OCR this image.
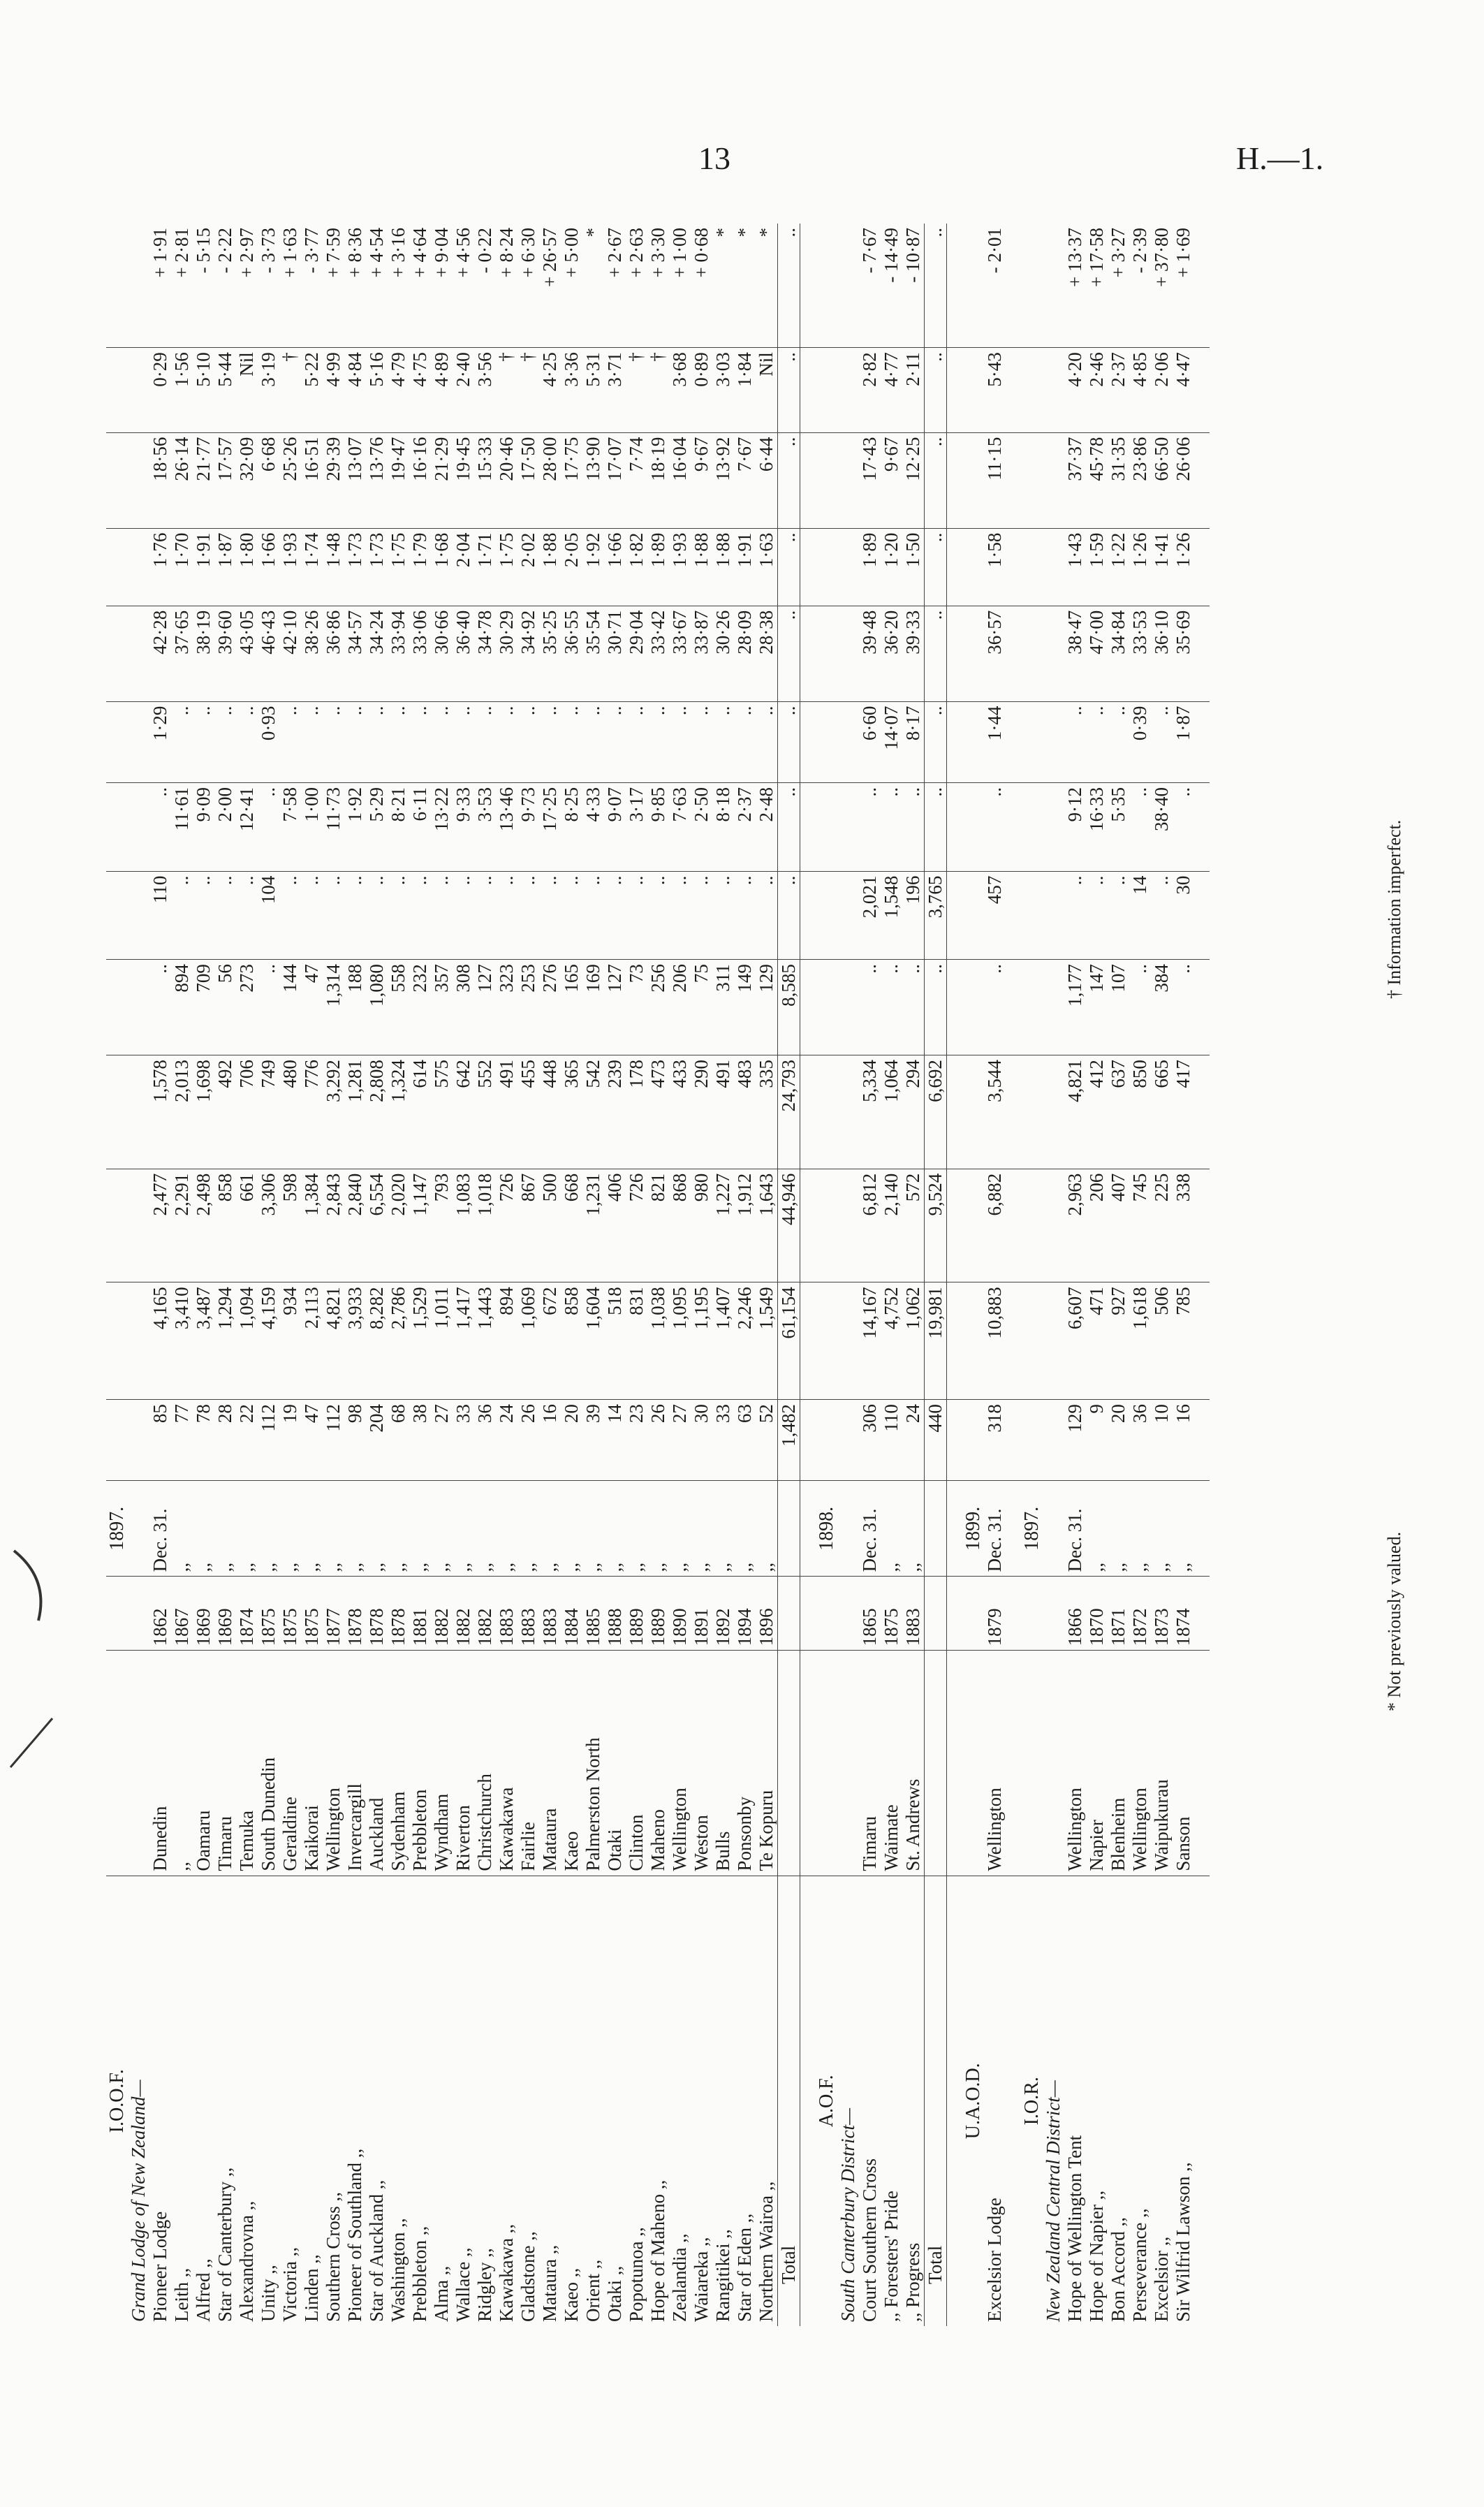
13	H.—1.
I.O.O.F.			1897.													
Grand Lodge of New Zealand—																
Pioneer Lodge	Dunedin	1862	Dec. 31.	85	4,165	2,477	1,578	..	110	..	1·29	42·28	1·76	18·56	0·29	+ 1·91
Leith ,,	,,	1867	,,	77	3,410	2,291	2,013	894	..	11·61	..	37·65	1·70	26·14	1·56	+ 2·81
Alfred ,,	Oamaru	1869	,,	78	3,487	2,498	1,698	709	..	9·09	..	38·19	1·91	21·77	5·10	- 5·15
Star of Canterbury ,,	Timaru	1869	,,	28	1,294	858	492	56	..	2·00	..	39·60	1·87	17·57	5·44	- 2·22
Alexandrovna ,,	Temuka	1874	,,	22	1,094	661	706	273	..	12·41	..	43·05	1·80	32·09	Nil	+ 2·97
Unity ,,	South Dunedin	1875	,,	112	4,159	3,306	749	..	104	..	0·93	46·43	1·66	6·68	3·19	- 3·73
Victoria ,,	Geraldine	1875	,,	19	934	598	480	144	..	7·58	..	42·10	1·93	25·26	†	+ 1·63
Linden ,,	Kaikorai	1875	,,	47	2,113	1,384	776	47	..	1·00	..	38·26	1·74	16·51	5·22	- 3·77
Southern Cross ,,	Wellington	1877	,,	112	4,821	2,843	3,292	1,314	..	11·73	..	36·86	1·48	29·39	4·99	+ 7·59
Pioneer of Southland ,,	Invercargill	1878	,,	98	3,933	2,840	1,281	188	..	1·92	..	34·57	1·73	13·07	4·84	+ 8·36
Star of Auckland ,,	Auckland	1878	,,	204	8,282	6,554	2,808	1,080	..	5·29	..	34·24	1·73	13·76	5·16	+ 4·54
Washington ,,	Sydenham	1878	,,	68	2,786	2,020	1,324	558	..	8·21	..	33·94	1·75	19·47	4·79	+ 3·16
Prebbleton ,,	Prebbleton	1881	,,	38	1,529	1,147	614	232	..	6·11	..	33·06	1·79	16·16	4·75	+ 4·64
Alma ,,	Wyndham	1882	,,	27	1,011	793	575	357	..	13·22	..	30·66	1·68	21·29	4·89	+ 9·04
Wallace ,,	Riverton	1882	,,	33	1,417	1,083	642	308	..	9·33	..	36·40	2·04	19·45	2·40	+ 4·56
Ridgley ,,	Christchurch	1882	,,	36	1,443	1,018	552	127	..	3·53	..	34·78	1·71	15·33	3·56	- 0·22
Kawakawa ,,	Kawakawa	1883	,,	24	894	726	491	323	..	13·46	..	30·29	1·75	20·46	†	+ 8·24
Gladstone ,,	Fairlie	1883	,,	26	1,069	867	455	253	..	9·73	..	34·92	2·02	17·50	†	+ 6·30
Mataura ,,	Mataura	1883	,,	16	672	500	448	276	..	17·25	..	35·25	1·88	28·00	4·25	+ 26·57
Kaeo ,,	Kaeo	1884	,,	20	858	668	365	165	..	8·25	..	36·55	2·05	17·75	3·36	+ 5·00
Orient ,,	Palmerston North	1885	,,	39	1,604	1,231	542	169	..	4·33	..	35·54	1·92	13·90	5·31	*
Otaki ,,	Otaki	1888	,,	14	518	406	239	127	..	9·07	..	30·71	1·66	17·07	3·71	+ 2·67
Popotunoa ,,	Clinton	1889	,,	23	831	726	178	73	..	3·17	..	29·04	1·82	7·74	†	+ 2·63
Hope of Maheno ,,	Maheno	1889	,,	26	1,038	821	473	256	..	9·85	..	33·42	1·89	18·19	†	+ 3·30
Zealandia ,,	Wellington	1890	,,	27	1,095	868	433	206	..	7·63	..	33·67	1·93	16·04	3·68	+ 1·00
Waiareka ,,	Weston	1891	,,	30	1,195	980	290	75	..	2·50	..	33·87	1·88	9·67	0·89	+ 0·68
Rangitikei ,,	Bulls	1892	,,	33	1,407	1,227	491	311	..	8·18	..	30·26	1·88	13·92	3·03	*
Star of Eden ,,	Ponsonby	1894	,,	63	2,246	1,912	483	149	..	2·37	..	28·09	1·91	7·67	1·84	*
Northern Wairoa ,,	Te Kopuru	1896	,,	52	1,549	1,643	335	129	..	2·48	..	28·38	1·63	6·44	Nil	*
Total				1,482	61,154	44,946	24,793	8,585	..	..	..	..	..	..	..	..

A.O.F.			1898.													
South Canterbury District—																
Court Southern Cross	Timaru	1865	Dec. 31.	306	14,167	6,812	5,334	..	2,021	..	6·60	39·48	1·89	17·43	2·82	- 7·67
,, Foresters' Pride	Waimate	1875	,,	110	4,752	2,140	1,064	..	1,548	..	14·07	36·20	1·20	9·67	4·77	- 14·49
,, Progress	St. Andrews	1883	,,	24	1,062	572	294	..	196	..	8·17	39·33	1·50	12·25	2·11	- 10·87
Total				440	19,981	9,524	6,692	..	3,765	..	..	..	..	..	..	..

U.A.O.D.			1899.													
Excelsior Lodge	Wellington	1879	Dec. 31.	318	10,883	6,882	3,544	..	457	..	1·44	36·57	1·58	11·15	5·43	- 2·01

I.O.R.			1897.													
New Zealand Central District—																
Hope of Wellington Tent	Wellington	1866	Dec. 31.	129	6,607	2,963	4,821	1,177	..	9·12	..	38·47	1·43	37·37	4·20	+ 13·37
Hope of Napier ,,	Napier	1870	,,	9	471	206	412	147	..	16·33	..	47·00	1·59	45·78	2·46	+ 17·58
Bon Accord ,,	Blenheim	1871	,,	20	927	407	637	107	..	5·35	..	34·84	1·22	31·35	2·37	+ 3·27
Perseverance ,,	Wellington	1872	,,	36	1,618	745	850	..	14	..	0·39	33·53	1·26	23·86	4·85	- 2·39
Excelsior ,,	Waipukurau	1873	,,	10	506	225	665	384	..	38·40	..	36·10	1·41	66·50	2·06	+ 37·80
Sir Wilfrid Lawson ,,	Sanson	1874	,,	16	785	338	417	..	30	..	1·87	35·69	1·26	26·06	4·47	+ 1·69

* Not previously valued.
† Information imperfect.
